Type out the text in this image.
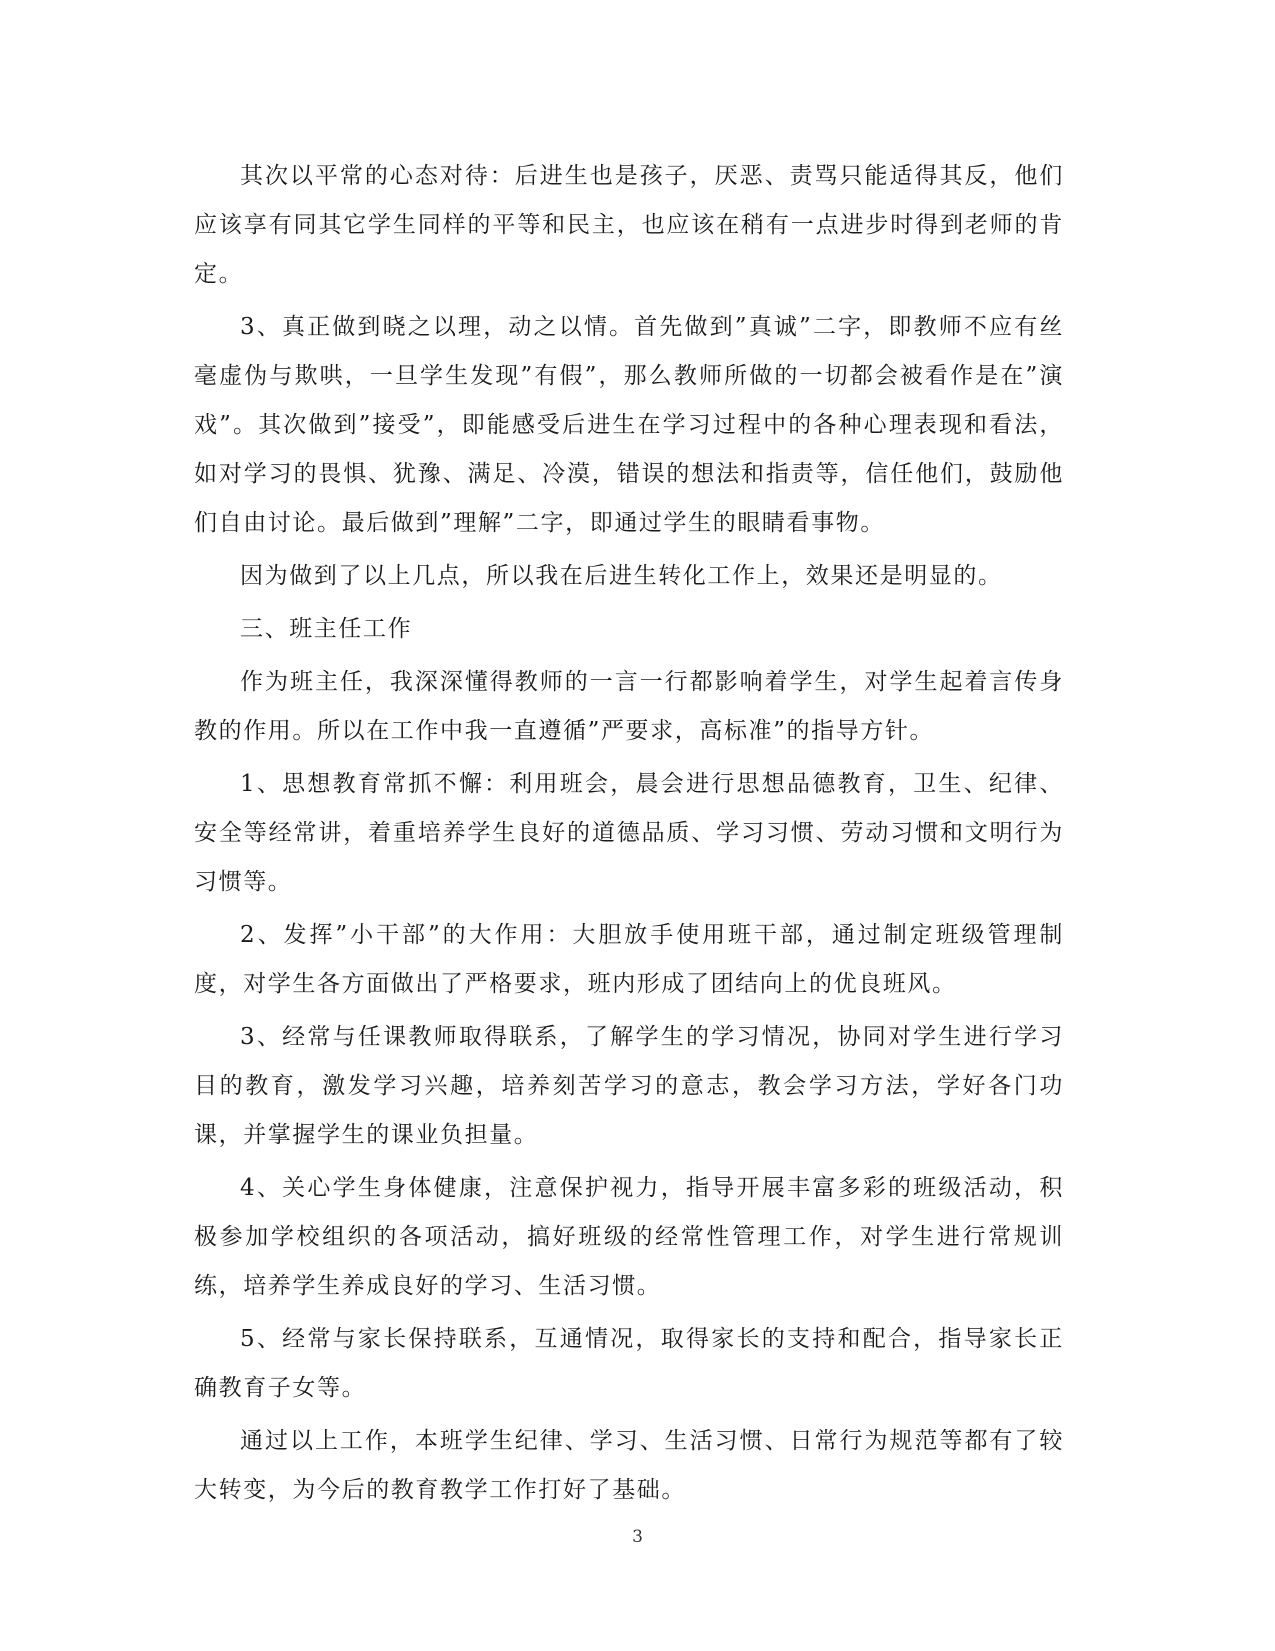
其次以平常的心态对待：后进生也是孩子，厌恶、责骂只能适得其反，他们应该享有同其它学生同样的平等和民主，也应该在稍有一点进步时得到老师的肯定。

3、真正做到晓之以理，动之以情。首先做到”真诚”二字，即教师不应有丝毫虚伪与欺哄，一旦学生发现”有假”，那么教师所做的一切都会被看作是在”演戏”。其次做到”接受”，即能感受后进生在学习过程中的各种心理表现和看法，如对学习的畏惧、犹豫、满足、冷漠，错误的想法和指责等，信任他们，鼓励他们自由讨论。最后做到”理解”二字，即通过学生的眼睛看事物。

因为做到了以上几点，所以我在后进生转化工作上，效果还是明显的。

三、班主任工作

作为班主任，我深深懂得教师的一言一行都影响着学生，对学生起着言传身教的作用。所以在工作中我一直遵循”严要求，高标准”的指导方针。

1、思想教育常抓不懈：利用班会，晨会进行思想品德教育，卫生、纪律、安全等经常讲，着重培养学生良好的道德品质、学习习惯、劳动习惯和文明行为习惯等。

2、发挥”小干部”的大作用：大胆放手使用班干部，通过制定班级管理制度，对学生各方面做出了严格要求，班内形成了团结向上的优良班风。

3、经常与任课教师取得联系，了解学生的学习情况，协同对学生进行学习目的教育，激发学习兴趣，培养刻苦学习的意志，教会学习方法，学好各门功课，并掌握学生的课业负担量。

4、关心学生身体健康，注意保护视力，指导开展丰富多彩的班级活动，积极参加学校组织的各项活动，搞好班级的经常性管理工作，对学生进行常规训练，培养学生养成良好的学习、生活习惯。

5、经常与家长保持联系，互通情况，取得家长的支持和配合，指导家长正确教育子女等。

通过以上工作，本班学生纪律、学习、生活习惯、日常行为规范等都有了较大转变，为今后的教育教学工作打好了基础。

3
